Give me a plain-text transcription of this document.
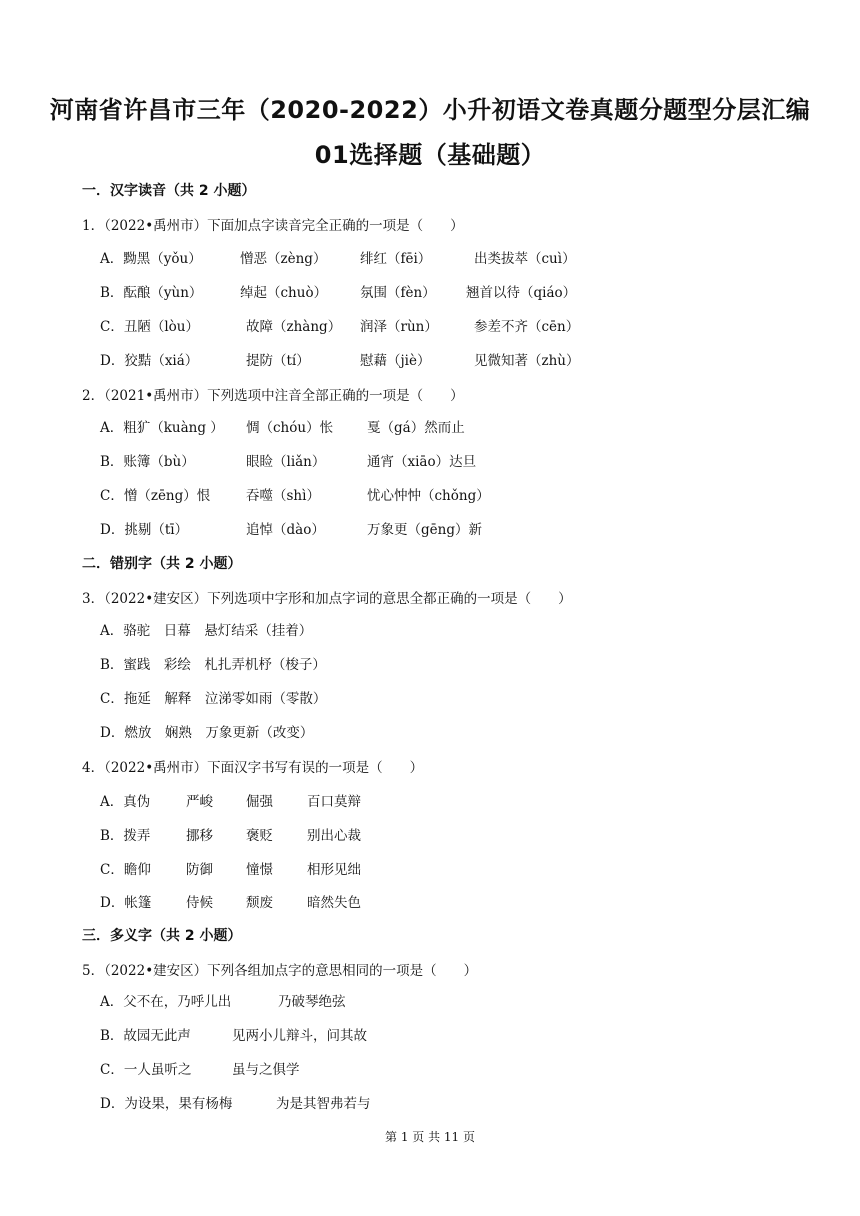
河南省许昌市三年（2020-2022）小升初语文卷真题分题型分层汇编
01选择题（基础题）
一．汉字读音（共 2 小题）
1．（2022•禹州市）下面加点字读音完全正确的一项是（　　）
A．黝黑（yǒu）	憎恶（zèng） 绯红（fēi）	出类拔萃（cuì）
B．酝酿（yùn）	绰起（chuò） 氛围（fèn） 翘首以待（qiáo）
C．丑陋（lòu）	故障（zhàng） 润泽（rùn）	参差不齐（cēn）
D．狡黠（xiá）	提防（tí）	慰藉（jiè）	见微知著（zhù）
2．（2021•禹州市）下列选项中注音全部正确的一项是（　　）
A．粗犷（kuàng ） 惆（chóu）怅	戛（gá）然而止
B．账簿（bù）	眼睑（liǎn）	通宵（xiāo）达旦
C．憎（zēng）恨	吞噬（shì）	忧心忡忡（chǒng）
D．挑剔（tī）	追悼（dào）	万象更（gēng）新
二．错别字（共 2 小题）
3．（2022•建安区）下列选项中字形和加点字词的意思全都正确的一项是（　　）
A．骆驼　日幕　悬灯结采（挂着）
B．蜜践　彩绘　札扎弄机杼（梭子）
C．拖延　解释　泣涕零如雨（零散）
D．燃放　娴熟　万象更新（改变）
4．（2022•禹州市）下面汉字书写有误的一项是（　　）
A．真伪	严峻 倔强	百口莫辩
B．拨弄	挪移 褒贬	别出心裁
C．瞻仰	防御 憧憬	相形见绌
D．帐篷	侍候 颓废	暗然失色
三．多义字（共 2 小题）
5．（2022•建安区）下列各组加点字的意思相同的一项是（　　）
A．父不在，乃呼儿出	乃破琴绝弦
B．故园无此声	见两小儿辩斗，问其故
C．一人虽听之	虽与之俱学
D．为设果，果有杨梅	为是其智弗若与
第 1 页 共 11 页
